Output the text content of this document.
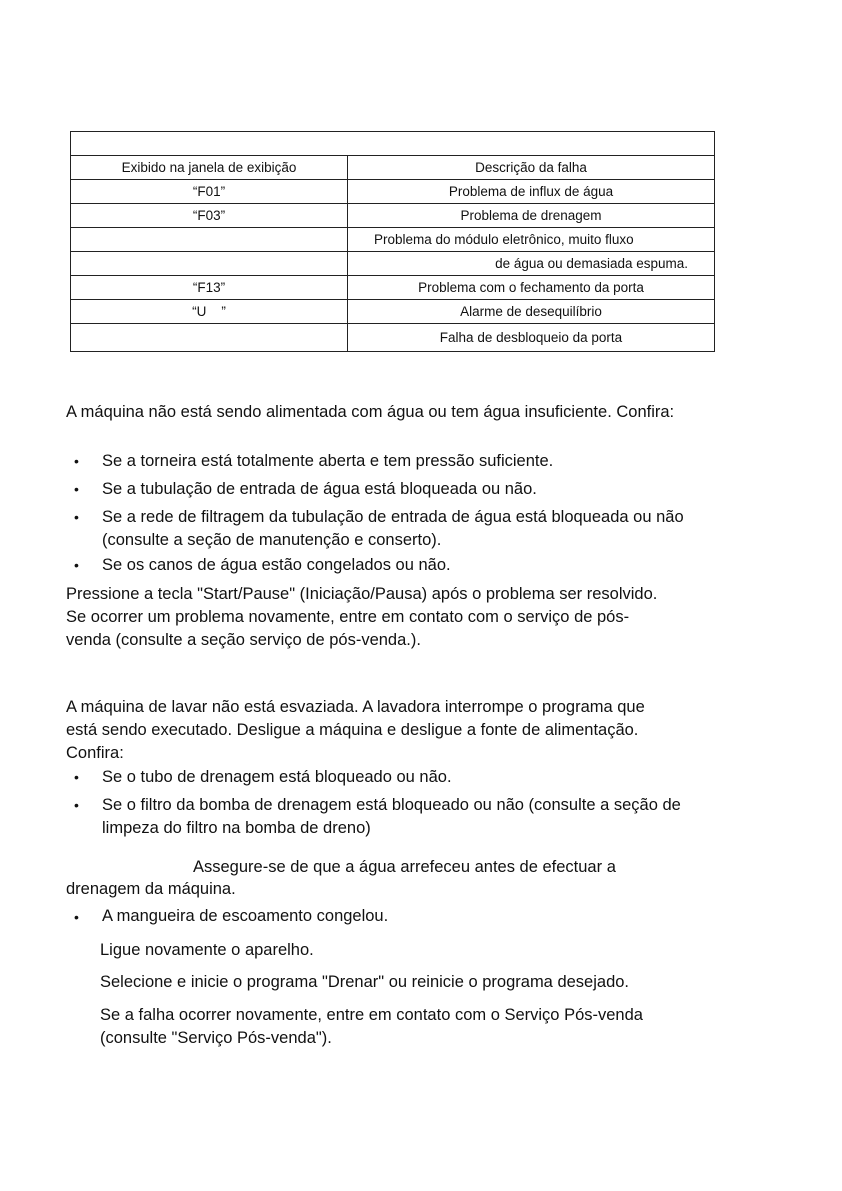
Exibido na janela de exibição	Descrição da falha
“F01”	Problema de influx de água
“F03”	Problema de drenagem
	Problema do módulo eletrônico, muito fluxo
	de água ou demasiada espuma.
“F13”	Problema com o fechamento da porta
“U    ”	Alarme de desequilíbrio
	Falha de desbloqueio da porta

A máquina não está sendo alimentada com água ou tem água insuficiente. Confira:

• Se a torneira está totalmente aberta e tem pressão suficiente.

• Se a tubulação de entrada de água está bloqueada ou não.

• Se a rede de filtragem da tubulação de entrada de água está bloqueada ou não (consulte a seção de manutenção e conserto).

• Se os canos de água estão congelados ou não.

Pressione a tecla "Start/Pause" (Iniciação/Pausa) após o problema ser resolvido. Se ocorrer um problema novamente, entre em contato com o serviço de pós-venda (consulte a seção serviço de pós-venda.).

A máquina de lavar não está esvaziada. A lavadora interrompe o programa que está sendo executado. Desligue a máquina e desligue a fonte de alimentação. Confira:

• Se o tubo de drenagem está bloqueado ou não.

• Se o filtro da bomba de drenagem está bloqueado ou não (consulte a seção de limpeza do filtro na bomba de dreno)

Assegure-se de que a água arrefeceu antes de efectuar a

drenagem da máquina.

• A mangueira de escoamento congelou.

Ligue novamente o aparelho.

Selecione e inicie o programa "Drenar" ou reinicie o programa desejado.

Se a falha ocorrer novamente, entre em contato com o Serviço Pós-venda (consulte "Serviço Pós-venda").
